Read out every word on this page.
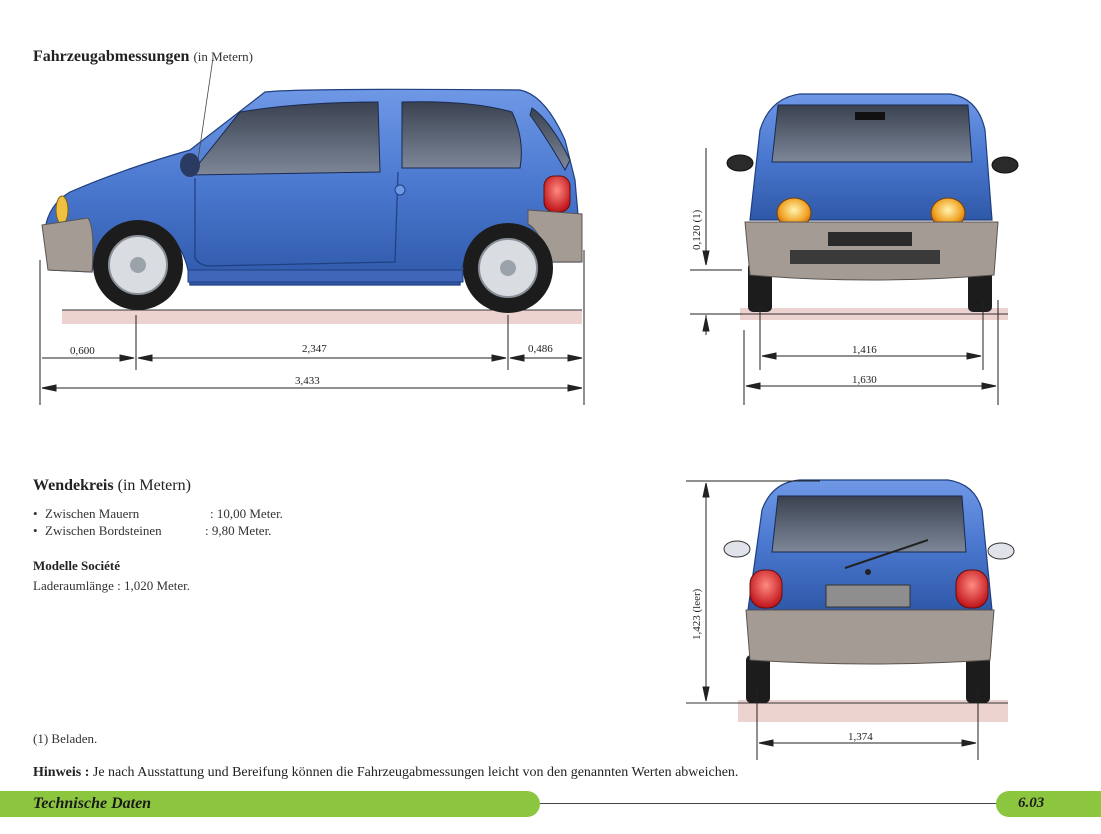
Fahrzeugabmessungen (in Metern)
0,600	2,347	0,486
3,433
0,120 (1)
1,416
1,630
1,423 (leer)
1,374
Wendekreis (in Metern)
• Zwischen Mauern	: 10,00 Meter.
• Zwischen Bordsteinen	: 9,80 Meter.
Modelle Société
Laderaumlänge : 1,020 Meter.
(1) Beladen.
Hinweis : Je nach Ausstattung und Bereifung können die Fahrzeugabmessungen leicht von den genannten Werten abweichen.
Technische Daten	6.03
